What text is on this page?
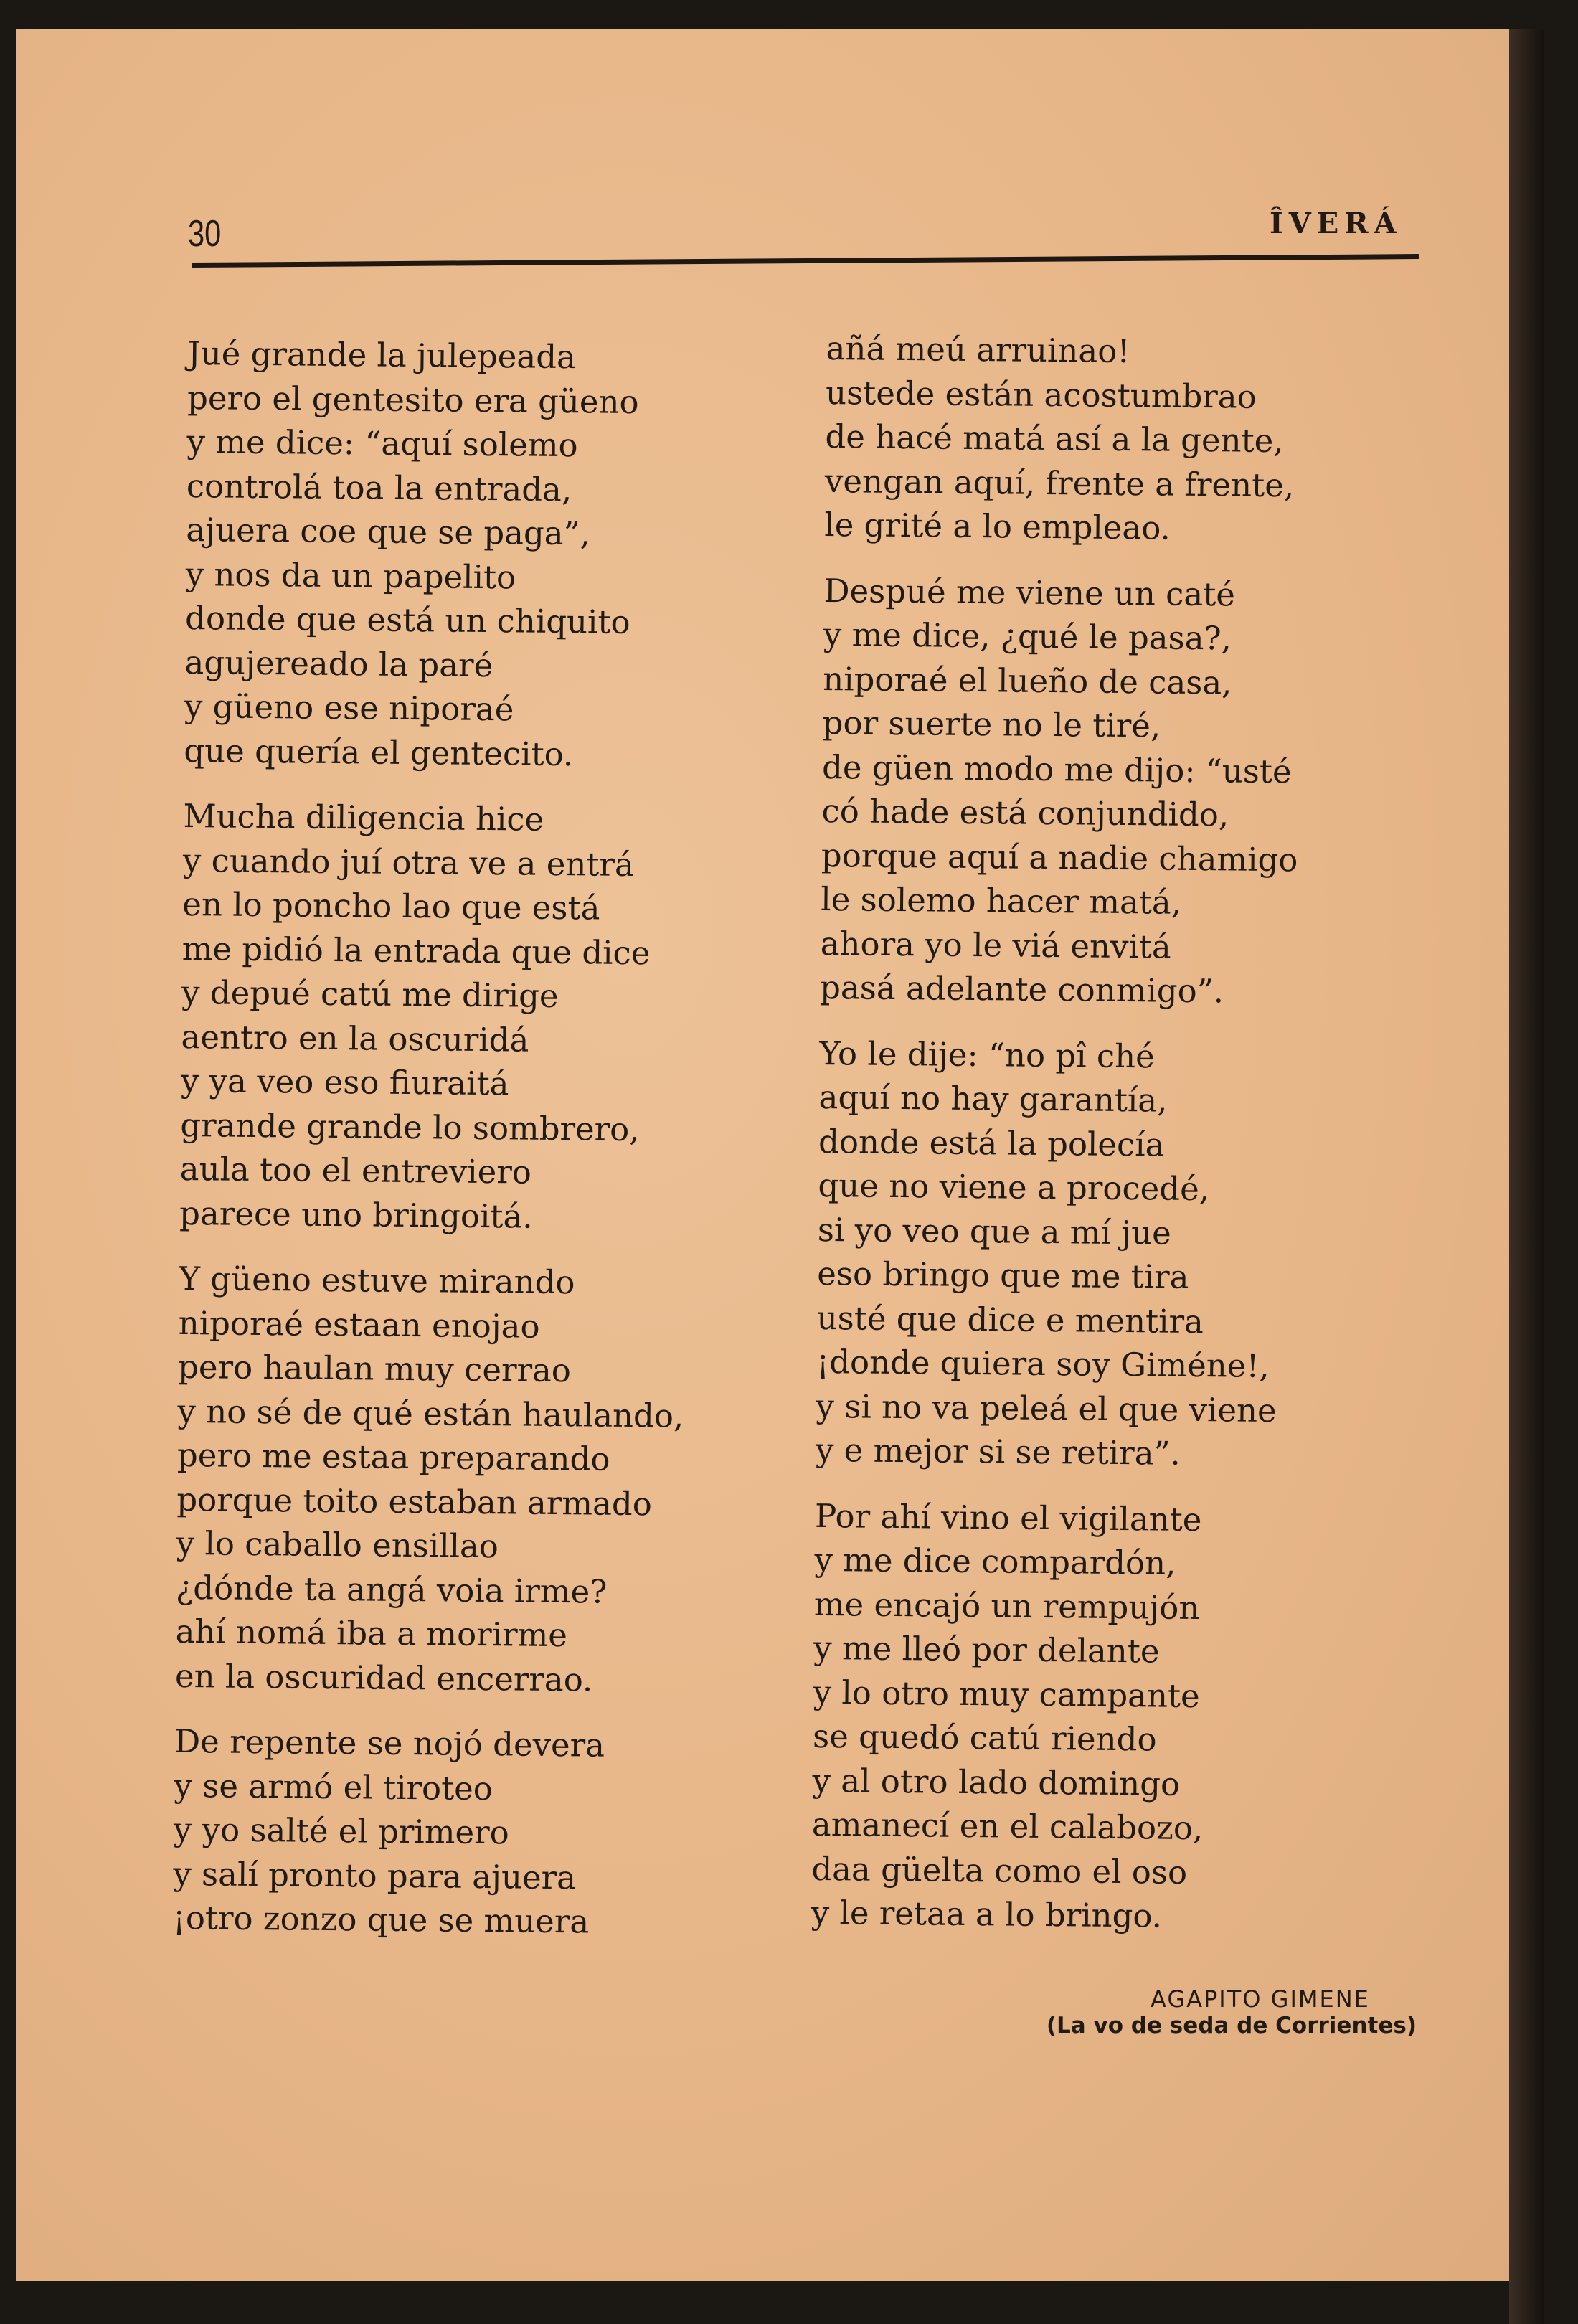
30	ÎVERÁ
Jué grande la julepeada
pero el gentesito era güeno
y me dice: “aquí solemo
controlá toa la entrada,
ajuera coe que se paga”,
y nos da un papelito
donde que está un chiquito
agujereado la paré
y güeno ese niporaé
que quería el gentecito.
Mucha diligencia hice
y cuando juí otra ve a entrá
en lo poncho lao que está
me pidió la entrada que dice
y depué catú me dirige
aentro en la oscuridá
y ya veo eso fiuraitá
grande grande lo sombrero,
aula too el entreviero
parece uno bringoitá.
Y güeno estuve mirando
niporaé estaan enojao
pero haulan muy cerrao
y no sé de qué están haulando,
pero me estaa preparando
porque toito estaban armado
y lo caballo ensillao
¿dónde ta angá voia irme?
ahí nomá iba a morirme
en la oscuridad encerrao.
De repente se nojó devera
y se armó el tiroteo
y yo salté el primero
y salí pronto para ajuera
¡otro zonzo que se muera
añá meú arruinao!
ustede están acostumbrao
de hacé matá así a la gente,
vengan aquí, frente a frente,
le grité a lo empleao.
Despué me viene un caté
y me dice, ¿qué le pasa?,
niporaé el lueño de casa,
por suerte no le tiré,
de güen modo me dijo: “usté
có hade está conjundido,
porque aquí a nadie chamigo
le solemo hacer matá,
ahora yo le viá envitá
pasá adelante conmigo”.
Yo le dije: “no pî ché
aquí no hay garantía,
donde está la polecía
que no viene a procedé,
si yo veo que a mí jue
eso bringo que me tira
usté que dice e mentira
¡donde quiera soy Giméne!,
y si no va peleá el que viene
y e mejor si se retira”.
Por ahí vino el vigilante
y me dice compardón,
me encajó un rempujón
y me lleó por delante
y lo otro muy campante
se quedó catú riendo
y al otro lado domingo
amanecí en el calabozo,
daa güelta como el oso
y le retaa a lo bringo.
AGAPITO GIMENE
(La vo de seda de Corrientes)
